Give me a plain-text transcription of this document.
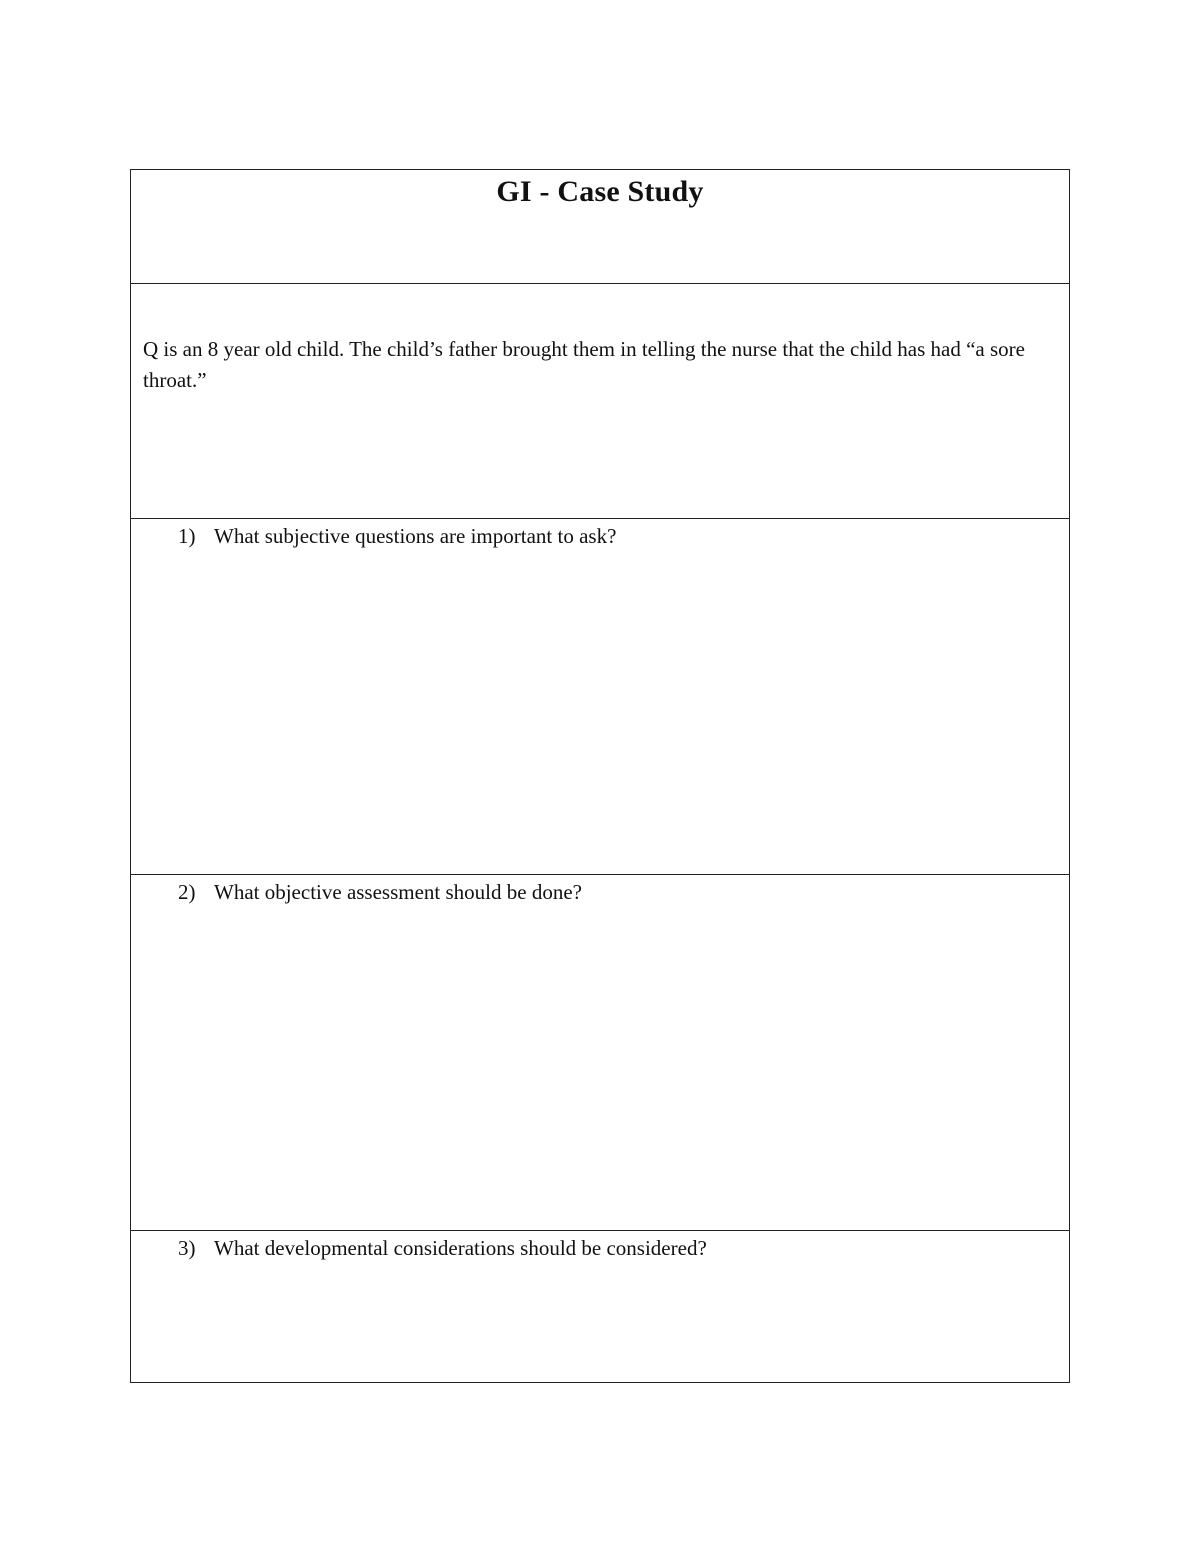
GI - Case Study

Q is an 8 year old child. The child’s father brought them in telling the nurse that the child has had “a sore throat.”

1) What subjective questions are important to ask?
2) What objective assessment should be done?
3) What developmental considerations should be considered?
